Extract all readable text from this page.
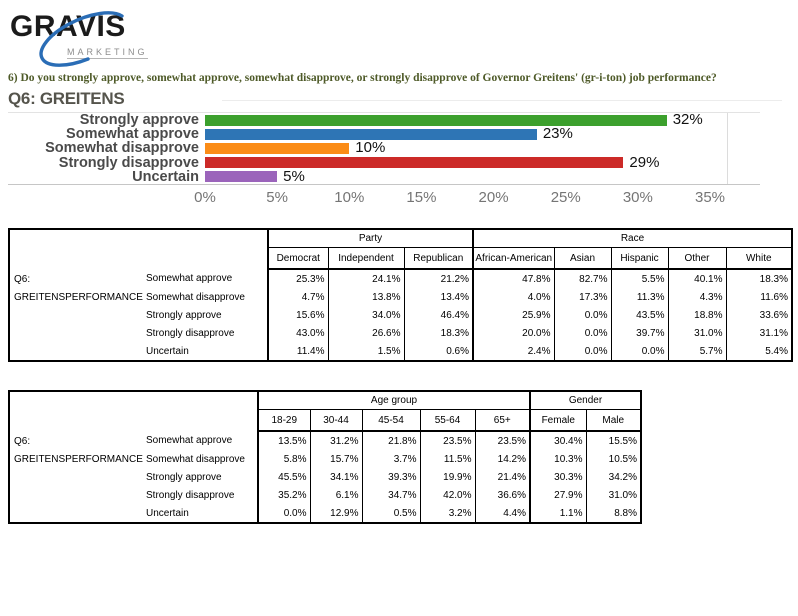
GRAVIS
MARKETING
6) Do you strongly approve, somewhat approve, somewhat disapprove, or strongly disapprove of Governor Greitens' (gr-i-ton) job performance?
Q6: GREITENS
Strongly approve	32%
Somewhat approve	23%
Somewhat disapprove	10%
Strongly disapprove	29%
Uncertain	5%
0%	5%	10%	15%	20%	25%	30%	35%
		Party			Race				
		Democrat	Independent	Republican	African-American	Asian	Hispanic	Other	White

Q6:
GREITENSPERFORMANCE	Somewhat approve	25.3%	24.1%	21.2%	47.8%	82.7%	5.5%	40.1%	18.3%
	Somewhat disapprove	4.7%	13.8%	13.4%	4.0%	17.3%	11.3%	4.3%	11.6%
	Strongly approve	15.6%	34.0%	46.4%	25.9%	0.0%	43.5%	18.8%	33.6%
	Strongly disapprove	43.0%	26.6%	18.3%	20.0%	0.0%	39.7%	31.0%	31.1%
	Uncertain	11.4%	1.5%	0.6%	2.4%	0.0%	0.0%	5.7%	5.4%
		Age group					Gender	
		18-29	30-44	45-54	55-64	65+	Female	Male

Q6:
GREITENSPERFORMANCE	Somewhat approve	13.5%	31.2%	21.8%	23.5%	23.5%	30.4%	15.5%
	Somewhat disapprove	5.8%	15.7%	3.7%	11.5%	14.2%	10.3%	10.5%
	Strongly approve	45.5%	34.1%	39.3%	19.9%	21.4%	30.3%	34.2%
	Strongly disapprove	35.2%	6.1%	34.7%	42.0%	36.6%	27.9%	31.0%
	Uncertain	0.0%	12.9%	0.5%	3.2%	4.4%	1.1%	8.8%
